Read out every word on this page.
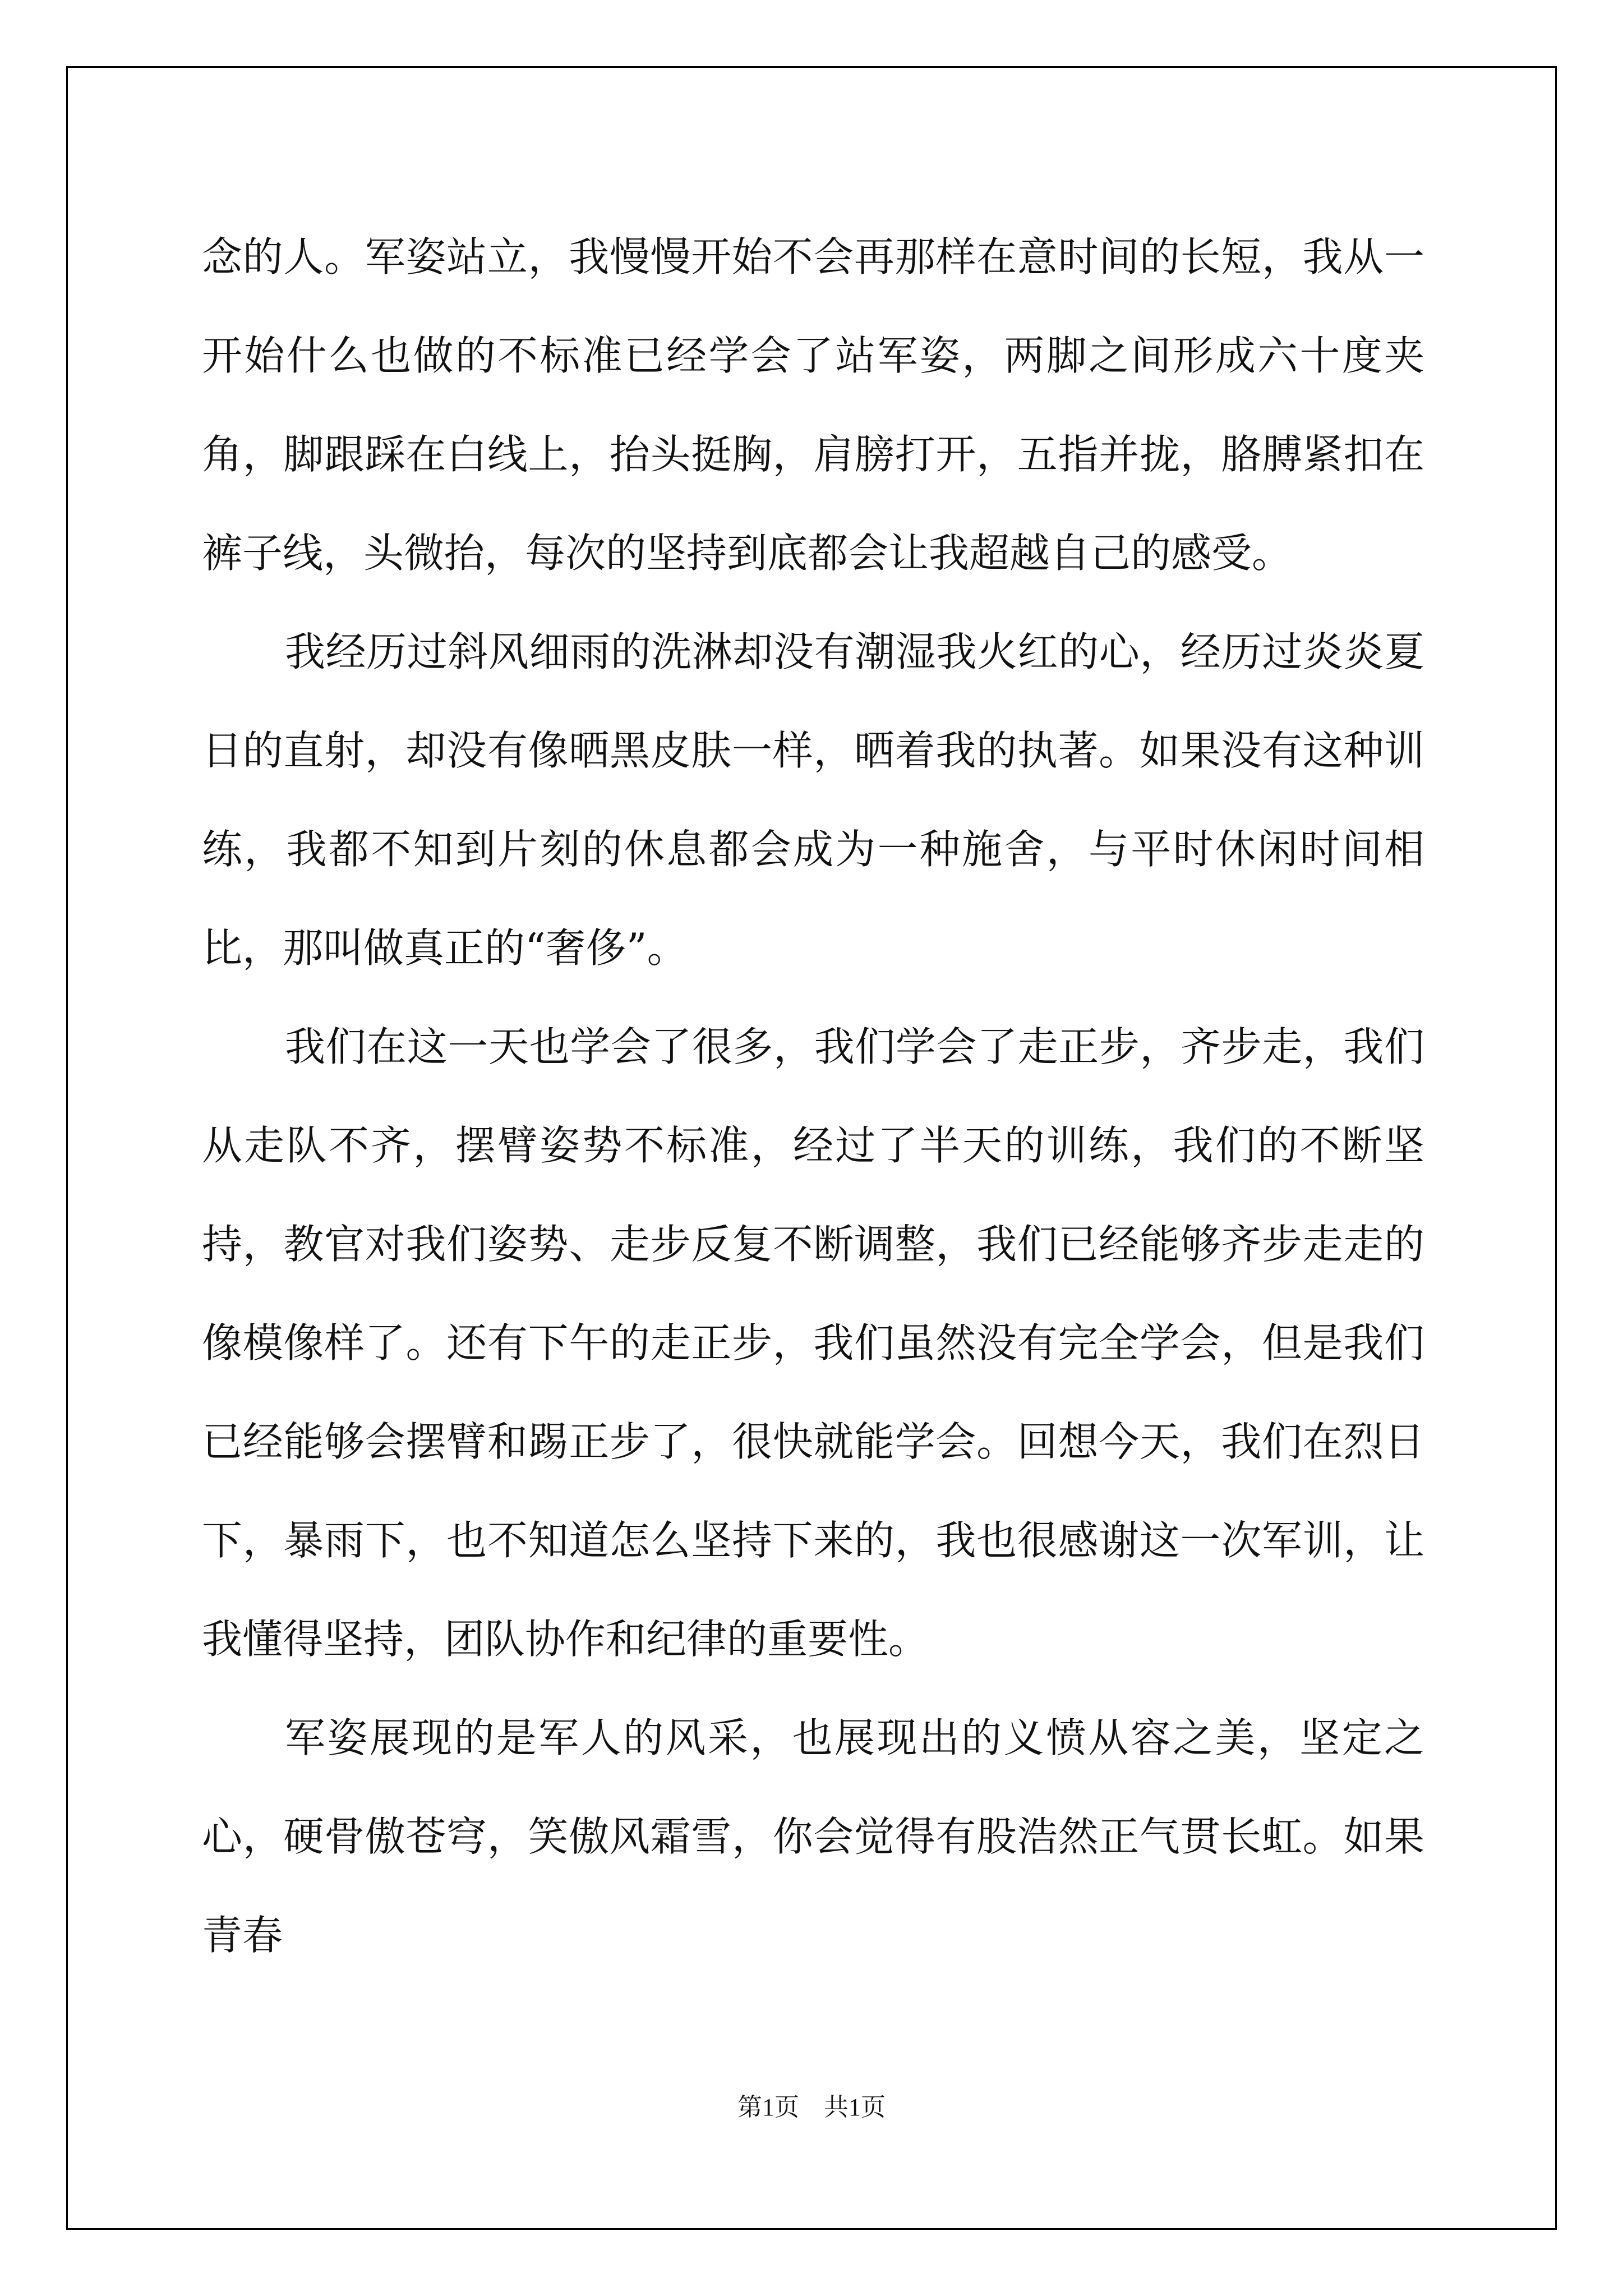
念的人。军姿站立，我慢慢开始不会再那样在意时间的长短，我从一开始什么也做的不标准已经学会了站军姿，两脚之间形成六十度夹角，脚跟踩在白线上，抬头挺胸，肩膀打开，五指并拢，胳膊紧扣在裤子线，头微抬，每次的坚持到底都会让我超越自己的感受。

我经历过斜风细雨的洗淋却没有潮湿我火红的心，经历过炎炎夏日的直射，却没有像晒黑皮肤一样，晒着我的执著。如果没有这种训练，我都不知到片刻的休息都会成为一种施舍，与平时休闲时间相比，那叫做真正的“奢侈”。

我们在这一天也学会了很多，我们学会了走正步，齐步走，我们从走队不齐，摆臂姿势不标准，经过了半天的训练，我们的不断坚持，教官对我们姿势、走步反复不断调整，我们已经能够齐步走走的像模像样了。还有下午的走正步，我们虽然没有完全学会，但是我们已经能够会摆臂和踢正步了，很快就能学会。回想今天，我们在烈日下，暴雨下，也不知道怎么坚持下来的，我也很感谢这一次军训，让我懂得坚持，团队协作和纪律的重要性。

军姿展现的是军人的风采，也展现出的义愤从容之美，坚定之心，硬骨傲苍穹，笑傲风霜雪，你会觉得有股浩然正气贯长虹。如果青春

第1页　共1页
